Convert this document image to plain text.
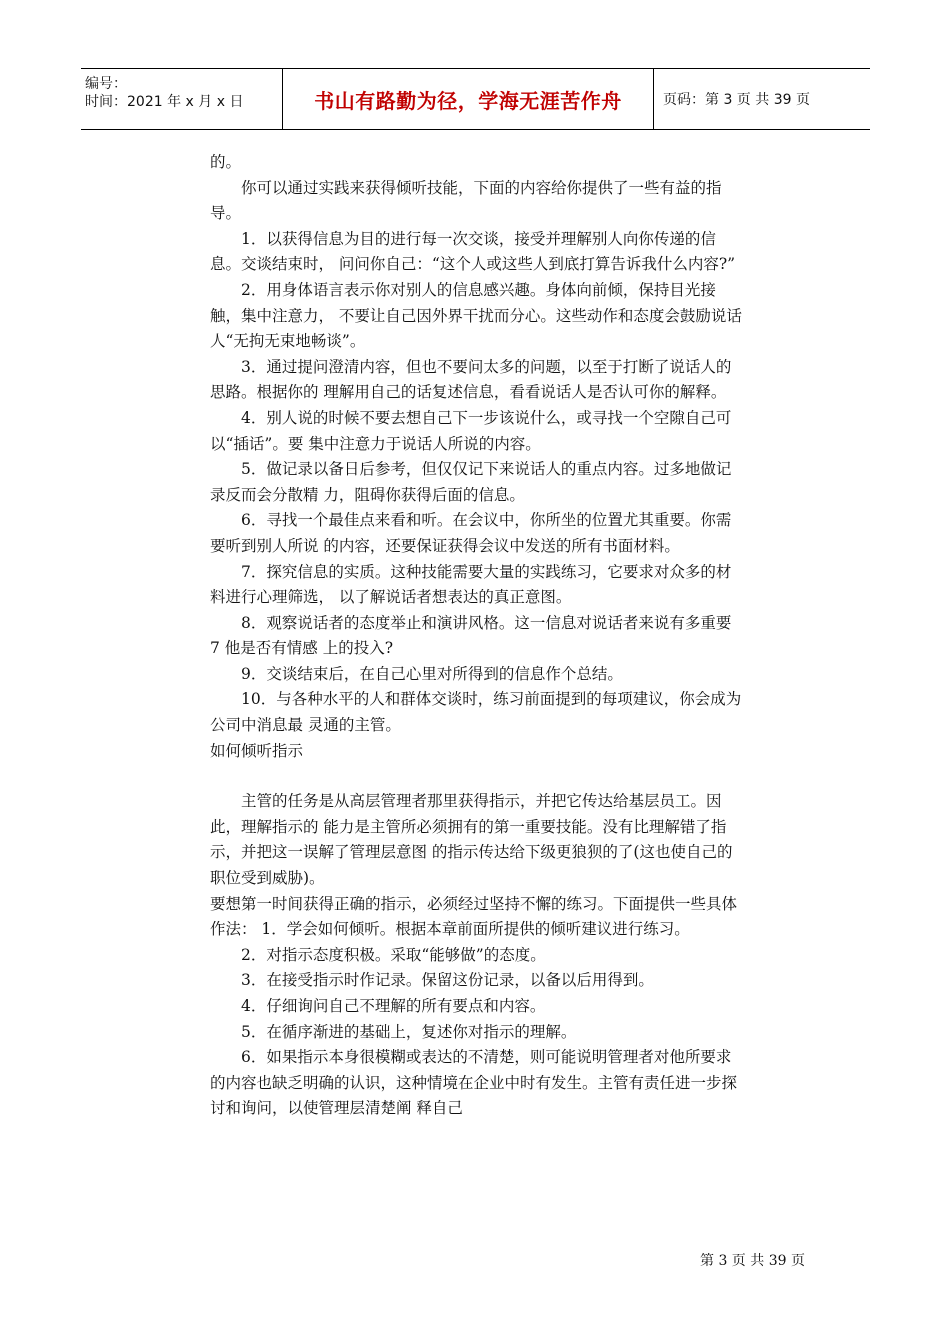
编号：
时间：2021 年 x 月 x 日	书山有路勤为径，学海无涯苦作舟	页码：第 3 页 共 39 页

的。

你可以通过实践来获得倾听技能，下面的内容给你提供了一些有益的指导。

1．以获得信息为目的进行每一次交谈，接受并理解别人向你传递的信息。交谈结束时， 问问你自己：“这个人或这些人到底打算告诉我什么内容?”

2．用身体语言表示你对别人的信息感兴趣。身体向前倾，保持目光接触，集中注意力， 不要让自己因外界干扰而分心。这些动作和态度会鼓励说话人“无拘无束地畅谈”。

3．通过提问澄清内容，但也不要问太多的问题，以至于打断了说话人的思路。根据你的 理解用自己的话复述信息，看看说话人是否认可你的解释。

4．别人说的时候不要去想自己下一步该说什么，或寻找一个空隙自己可以“插话”。要 集中注意力于说话人所说的内容。

5．做记录以备日后参考，但仅仅记下来说话人的重点内容。过多地做记录反而会分散精 力，阻碍你获得后面的信息。

6．寻找一个最佳点来看和听。在会议中，你所坐的位置尤其重要。你需要听到别人所说 的内容，还要保证获得会议中发送的所有书面材料。

7．探究信息的实质。这种技能需要大量的实践练习，它要求对众多的材料进行心理筛选， 以了解说话者想表达的真正意图。

8．观察说话者的态度举止和演讲风格。这一信息对说话者来说有多重要 7 他是否有情感 上的投入?

9．交谈结束后，在自己心里对所得到的信息作个总结。

10．与各种水平的人和群体交谈时，练习前面提到的每项建议，你会成为公司中消息最 灵通的主管。

如何倾听指示

主管的任务是从高层管理者那里获得指示，并把它传达给基层员工。因此，理解指示的 能力是主管所必须拥有的第一重要技能。没有比理解错了指示，并把这一误解了管理层意图 的指示传达给下级更狼狈的了(这也使自己的职位受到威胁)。

要想第一时间获得正确的指示，必须经过坚持不懈的练习。下面提供一些具体作法： 1．学会如何倾听。根据本章前面所提供的倾听建议进行练习。

2．对指示态度积极。采取“能够做”的态度。

3．在接受指示时作记录。保留这份记录，以备以后用得到。

4．仔细询问自己不理解的所有要点和内容。

5．在循序渐进的基础上，复述你对指示的理解。

6．如果指示本身很模糊或表达的不清楚，则可能说明管理者对他所要求的内容也缺乏明确的认识，这种情境在企业中时有发生。主管有责任进一步探讨和询问，以使管理层清楚阐 释自己

第 3 页 共 39 页
